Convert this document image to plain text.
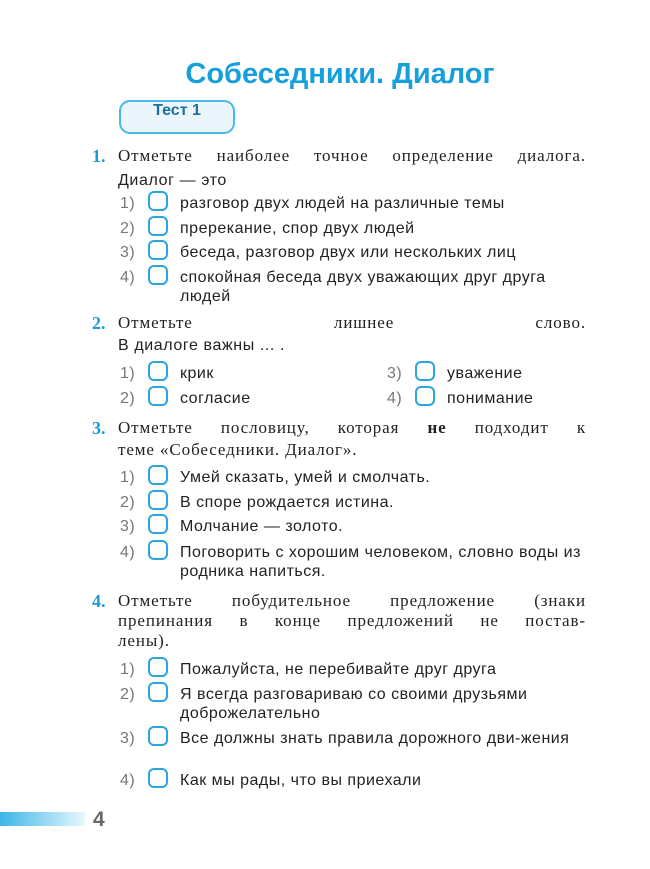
Собеседники. Диалог
Тест 1
1. Отметьте наиболее точное определение диалога.
Диалог — это
2. Отметьте лишнее слово.
В диалоге важны ... .
3. Отметьте пословицу, которая не подходит к
теме «Собеседники. Диалог».
4. Отметьте побудительное предложение (знаки
препинания в конце предложений не постав-
лены).
1)	разговор двух людей на различные темы
2)	пререкание, спор двух людей
3)	беседа, разговор двух или нескольких лиц
4)	спокойная беседа двух уважающих друг друга людей
1)	крик	3)	уважение
2)	согласие	4)	понимание
1)	Умей сказать, умей и смолчать.
2)	В споре рождается истина.
3)	Молчание — золото.
4)	Поговорить с хорошим человеком, словно воды из родника напиться.
1)	Пожалуйста, не перебивайте друг друга
2)	Я всегда разговариваю со своими друзьями доброжелательно
3)	Все должны знать правила дорожного дви-жения
4)	Как мы рады, что вы приехали
4
